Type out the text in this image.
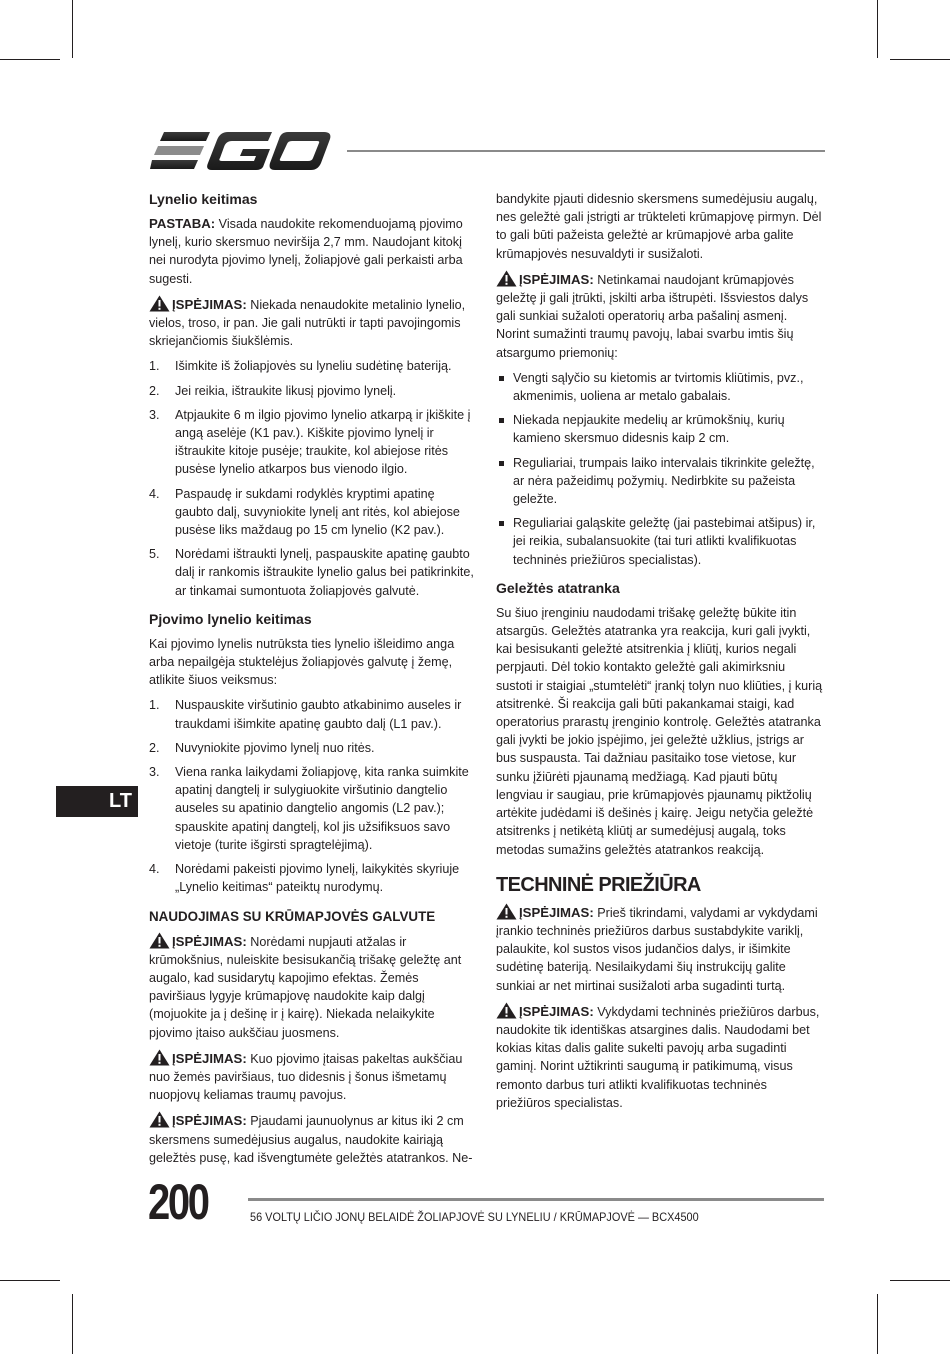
Lynelio keitimas

PASTABA: Visada naudokite rekomenduojamą pjovimo lynelį, kurio skersmuo neviršija 2,7 mm. Naudojant kitokį nei nurodyta pjovimo lynelį, žoliapjovė gali perkaisti arba sugesti.

ĮSPĖJIMAS: Niekada nenaudokite metalinio lynelio, vielos, troso, ir pan. Jie gali nutrūkti ir tapti pavojingomis skriejančiomis šiukšlėmis.

1. Išimkite iš žoliapjovės su lyneliu sudėtinę bateriją.
2. Jei reikia, ištraukite likusį pjovimo lynelį.
3. Atpjaukite 6 m ilgio pjovimo lynelio atkarpą ir įkiškite į angą aselėje (K1 pav.). Kiškite pjovimo lynelį ir ištraukite kitoje pusėje; traukite, kol abiejose ritės pusėse lynelio atkarpos bus vienodo ilgio.
4. Paspaudę ir sukdami rodyklės kryptimi apatinę gaubto dalį, suvyniokite lynelį ant ritės, kol abiejose pusėse liks maždaug po 15 cm lynelio (K2 pav.).
5. Norėdami ištraukti lynelį, paspauskite apatinę gaubto dalį ir rankomis ištraukite lynelio galus bei patikrinkite, ar tinkamai sumontuota žoliapjovės galvutė.
Pjovimo lynelio keitimas

Kai pjovimo lynelis nutrūksta ties lynelio išleidimo anga arba nepailgėja stuktelėjus žoliapjovės galvutę į žemę, atlikite šiuos veiksmus:

1. Nuspauskite viršutinio gaubto atkabinimo auseles ir traukdami išimkite apatinę gaubto dalį (L1 pav.).
2. Nuvyniokite pjovimo lynelį nuo ritės.
3. Viena ranka laikydami žoliapjovę, kita ranka suimkite apatinį dangtelį ir sulygiuokite viršutinio dangtelio auseles su apatinio dangtelio angomis (L2 pav.); spauskite apatinį dangtelį, kol jis užsifiksuos savo vietoje (turite išgirsti spragtelėjimą).
4. Norėdami pakeisti pjovimo lynelį, laikykitės skyriuje „Lynelio keitimas“ pateiktų nurodymų.
NAUDOJIMAS SU KRŪMAPJOVĖS GALVUTE

ĮSPĖJIMAS: Norėdami nupjauti atžalas ir krūmokšnius, nuleiskite besisukančią trišakę geležtę ant augalo, kad susidarytų kapojimo efektas. Žemės paviršiaus lygyje krūmapjovę naudokite kaip dalgį (mojuokite ja į dešinę ir į kairę). Niekada nelaikykite pjovimo įtaiso aukščiau juosmens.

ĮSPĖJIMAS: Kuo pjovimo įtaisas pakeltas aukščiau nuo žemės paviršiaus, tuo didesnis į šonus išmetamų nuopjovų keliamas traumų pavojus.

ĮSPĖJIMAS: Pjaudami jaunuolynus ar kitus iki 2 cm skersmens sumedėjusius augalus, naudokite kairiąją geležtės pusę, kad išvengtumėte geležtės atatrankos. Ne-

bandykite pjauti didesnio skersmens sumedėjusiu augalų, nes geležtė gali įstrigti ar trūkteleti krūmapjovę pirmyn. Dėl to gali būti pažeista geležtė ar krūmapjovė arba galite krūmapjovės nesuvaldyti ir susižaloti.

ĮSPĖJIMAS: Netinkamai naudojant krūmapjovės geležtę ji gali įtrūkti, įskilti arba ištrupėti. Išsviestos dalys gali sunkiai sužaloti operatorių arba pašalinį asmenį. Norint sumažinti traumų pavojų, labai svarbu imtis šių atsargumo priemonių:

Vengti sąlyčio su kietomis ar tvirtomis kliūtimis, pvz., akmenimis, uoliena ar metalo gabalais.
Niekada nepjaukite medelių ar krūmokšnių, kurių kamieno skersmuo didesnis kaip 2 cm.
Reguliariai, trumpais laiko intervalais tikrinkite geležtę, ar nėra pažeidimų požymių. Nedirbkite su pažeista geležte.
Reguliariai galąskite geležtę (jai pastebimai atšipus) ir, jei reikia, subalansuokite (tai turi atlikti kvalifikuotas techninės priežiūros specialistas).
Geležtės atatranka

Su šiuo įrenginiu naudodami trišakę geležtę būkite itin atsargūs. Geležtės atatranka yra reakcija, kuri gali įvykti, kai besisukanti geležtė atsitrenkia į kliūtį, kurios negali perpjauti. Dėl tokio kontakto geležtė gali akimirksniu sustoti ir staigiai „stumtelėti“ įrankį tolyn nuo kliūties, į kurią atsitrenkė. Ši reakcija gali būti pakankamai staigi, kad operatorius prarastų įrenginio kontrolę. Geležtės atatranka gali įvykti be jokio įspėjimo, jei geležtė užklius, įstrigs ar bus suspausta. Tai dažniau pasitaiko tose vietose, kur sunku įžiūrėti pjaunamą medžiagą. Kad pjauti būtų lengviau ir saugiau, prie krūmapjovės pjaunamų piktžolių artėkite judėdami iš dešinės į kairę. Jeigu netyčia geležtė atsitrenks į netikėtą kliūtį ar sumedėjusį augalą, toks metodas sumažins geležtės atatrankos reakciją.

TECHNINĖ PRIEŽIŪRA

ĮSPĖJIMAS: Prieš tikrindami, valydami ar vykdydami įrankio techninės priežiūros darbus sustabdykite variklį, palaukite, kol sustos visos judančios dalys, ir išimkite sudėtinę bateriją. Nesilaikydami šių instrukcijų galite sunkiai ar net mirtinai susižaloti arba sugadinti turtą.

ĮSPĖJIMAS: Vykdydami techninės priežiūros darbus, naudokite tik identiškas atsargines dalis. Naudodami bet kokias kitas dalis galite sukelti pavojų arba sugadinti gaminį. Norint užtikrinti saugumą ir patikimumą, visus remonto darbus turi atlikti kvalifikuotas techninės priežiūros specialistas.

LT
200	56 VOLTŲ LIČIO JONŲ BELAIDĖ ŽOLIAPJOVĖ SU LYNELIU / KRŪMAPJOVĖ — BCX4500
